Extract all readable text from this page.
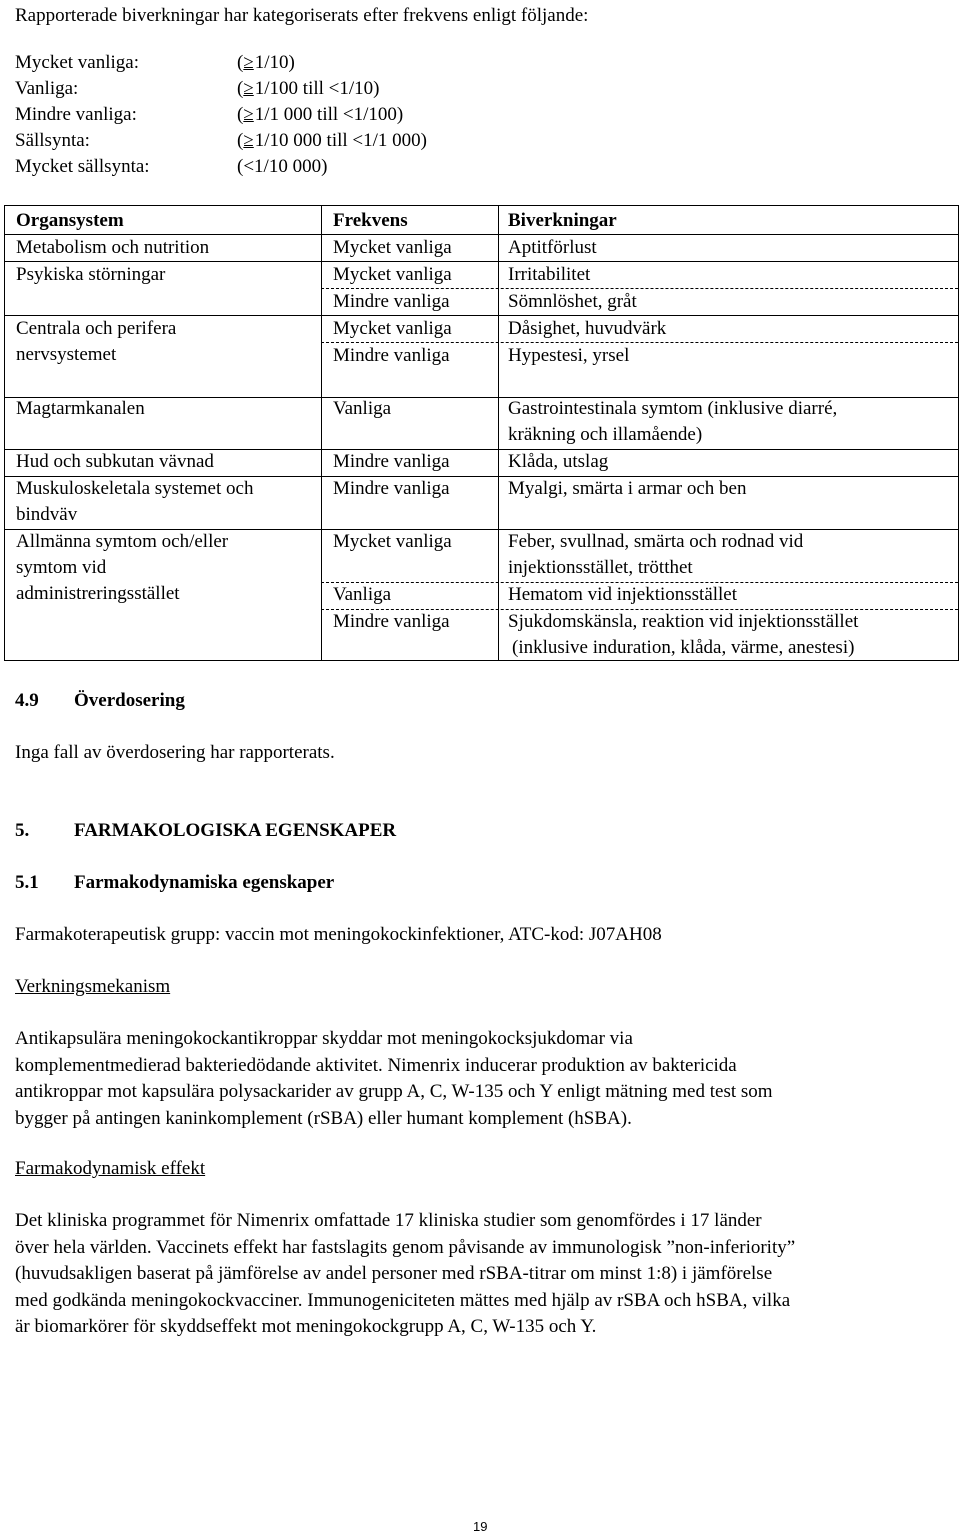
Rapporterade biverkningar har kategoriserats efter frekvens enligt följande:
Mycket vanliga:	(≥1/10)
Vanliga:	(≥1/100 till <1/10)
Mindre vanliga:	(≥1/1 000 till <1/100)
Sällsynta:	(≥1/10 000 till <1/1 000)
Mycket sällsynta:	(<1/10 000)
Organsystem	Frekvens	Biverkningar
Metabolism och nutrition	Mycket vanliga	Aptitförlust
Psykiska störningar	Mycket vanliga	Irritabilitet
Mindre vanliga	Sömnlöshet, gråt
Centrala och perifera
nervsystemet
Mycket vanliga	Dåsighet, huvudvärk
Mindre vanliga	Hypestesi, yrsel
Magtarmkanalen	Vanliga	Gastrointestinala symtom (inklusive diarré,
kräkning och illamående)
Hud och subkutan vävnad	Mindre vanliga	Klåda, utslag
Muskuloskeletala systemet och
bindväv
Mindre vanliga	Myalgi, smärta i armar och ben
Allmänna symtom och/eller
symtom vid
administreringsstället
Mycket vanliga	Feber, svullnad, smärta och rodnad vid
injektionsstället, trötthet
Vanliga	Hematom vid injektionsstället
Mindre vanliga	Sjukdomskänsla, reaktion vid injektionsstället
(inklusive induration, klåda, värme, anestesi)
4.9 Överdosering
Inga fall av överdosering har rapporterats.
5. FARMAKOLOGISKA EGENSKAPER
5.1 Farmakodynamiska egenskaper
Farmakoterapeutisk grupp: vaccin mot meningokockinfektioner, ATC-kod: J07AH08
Verkningsmekanism

Antikapsulära meningokockantikroppar skyddar mot meningokocksjukdomar via

komplementmedierad bakteriedödande aktivitet. Nimenrix inducerar produktion av baktericida

antikroppar mot kapsulära polysackarider av grupp A, C, W-135 och Y enligt mätning med test som

bygger på antingen kaninkomplement (rSBA) eller humant komplement (hSBA).

Farmakodynamisk effekt

Det kliniska programmet för Nimenrix omfattade 17 kliniska studier som genomfördes i 17 länder

över hela världen. Vaccinets effekt har fastslagits genom påvisande av immunologisk ”non-inferiority”

(huvudsakligen baserat på jämförelse av andel personer med rSBA-titrar om minst 1:8) i jämförelse

med godkända meningokockvacciner. Immunogeniciteten mättes med hjälp av rSBA och hSBA, vilka

är biomarkörer för skyddseffekt mot meningokockgrupp A, C, W-135 och Y.

19
